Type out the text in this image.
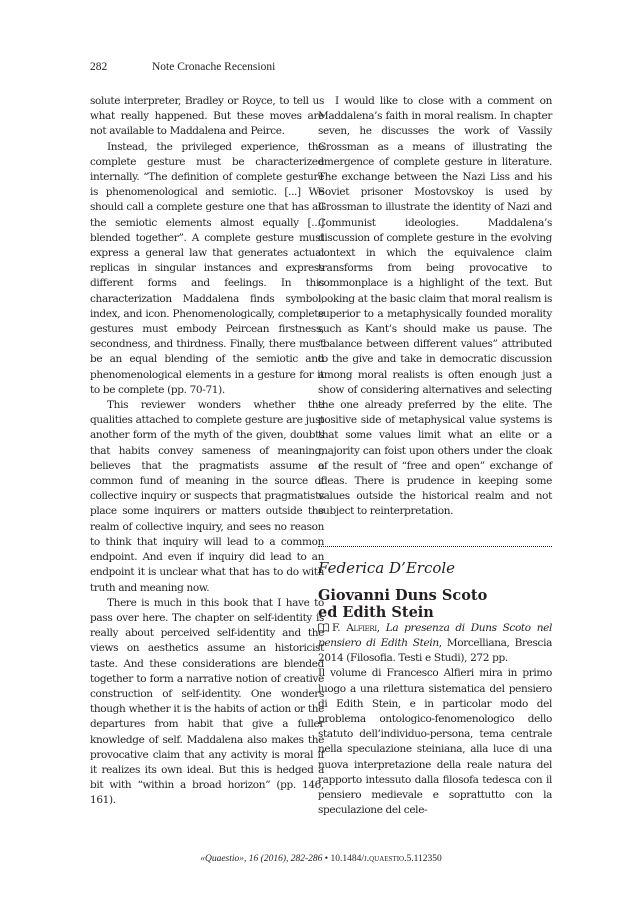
282	Note Cronache Recensioni

solute interpreter, Bradley or Royce, to tell us what really happened. But these moves are not available to Maddalena and Peirce.

Instead, the privileged experience, the complete gesture must be characterized internally. “The definition of complete gesture is phenomenological and semiotic. [...] We should call a complete gesture one that has all the semiotic elements almost equally [...] blended together”. A complete gesture must express a general law that generates actual replicas in singular instances and express different forms and feelings. In this characterization Maddalena finds symbol, index, and icon. Phenomenologically, complete gestures must embody Peircean firstness, secondness, and thirdness. Finally, there must be an equal blending of the semiotic and phenomenological elements in a gesture for it to be complete (pp. 70-71).

This reviewer wonders whether the qualities attached to complete gesture are just another form of the myth of the given, doubts that habits convey sameness of meaning, believes that the pragmatists assume a common fund of meaning in the source of collective inquiry or suspects that pragmatists place some inquirers or matters outside the realm of collective inquiry, and sees no reason to think that inquiry will lead to a common endpoint. And even if inquiry did lead to an endpoint it is unclear what that has to do with truth and meaning now.

There is much in this book that I have to pass over here. The chapter on self-identity is really about perceived self-identity and the views on aesthetics assume an historicist taste. And these considerations are blended together to form a narrative notion of creative construction of self-identity. One wonders though whether it is the habits of action or the departures from habit that give a fuller knowledge of self. Maddalena also makes the provocative claim that any activity is moral if it realizes its own ideal. But this is hedged a bit with “within a broad horizon” (pp. 146, 161).

I would like to close with a comment on Maddalena’s faith in moral realism. In chapter seven, he discusses the work of Vassily Grossman as a means of illustrating the emergence of complete gesture in literature. The exchange between the Nazi Liss and his Soviet prisoner Mostovskoy is used by Grossman to illustrate the identity of Nazi and Communist ideologies. Maddalena’s discussion of complete gesture in the evolving context in which the equivalence claim transforms from being provocative to commonplace is a highlight of the text. But looking at the basic claim that moral realism is superior to a metaphysically founded morality such as Kant’s should make us pause. The “balance between different values” attributed to the give and take in democratic discussion among moral realists is often enough just a show of considering alternatives and selecting the one already preferred by the elite. The positive side of metaphysical value systems is that some values limit what an elite or a majority can foist upon others under the cloak of the result of “free and open” exchange of ideas. There is prudence in keeping some values outside the historical realm and not subject to reinterpretation.

Federica D’Ercole
Giovanni Duns Scoto
ed Edith Stein

F. Alfieri, La presenza di Duns Scoto nel pensiero di Edith Stein, Morcelliana, Brescia 2014 (Filosofia. Testi e Studi), 272 pp.

Il volume di Francesco Alfieri mira in primo luogo a una rilettura sistematica del pensiero di Edith Stein, e in particolar modo del problema ontologico-fenomenologico dello statuto dell’individuo-persona, tema centrale nella speculazione steiniana, alla luce di una nuova interpretazione della reale natura del rapporto intessuto dalla filosofa tedesca con il pensiero medievale e soprattutto con la speculazione del cele-

«Quaestio», 16 (2016), 282-286 • 10.1484/j.quaestio.5.112350
